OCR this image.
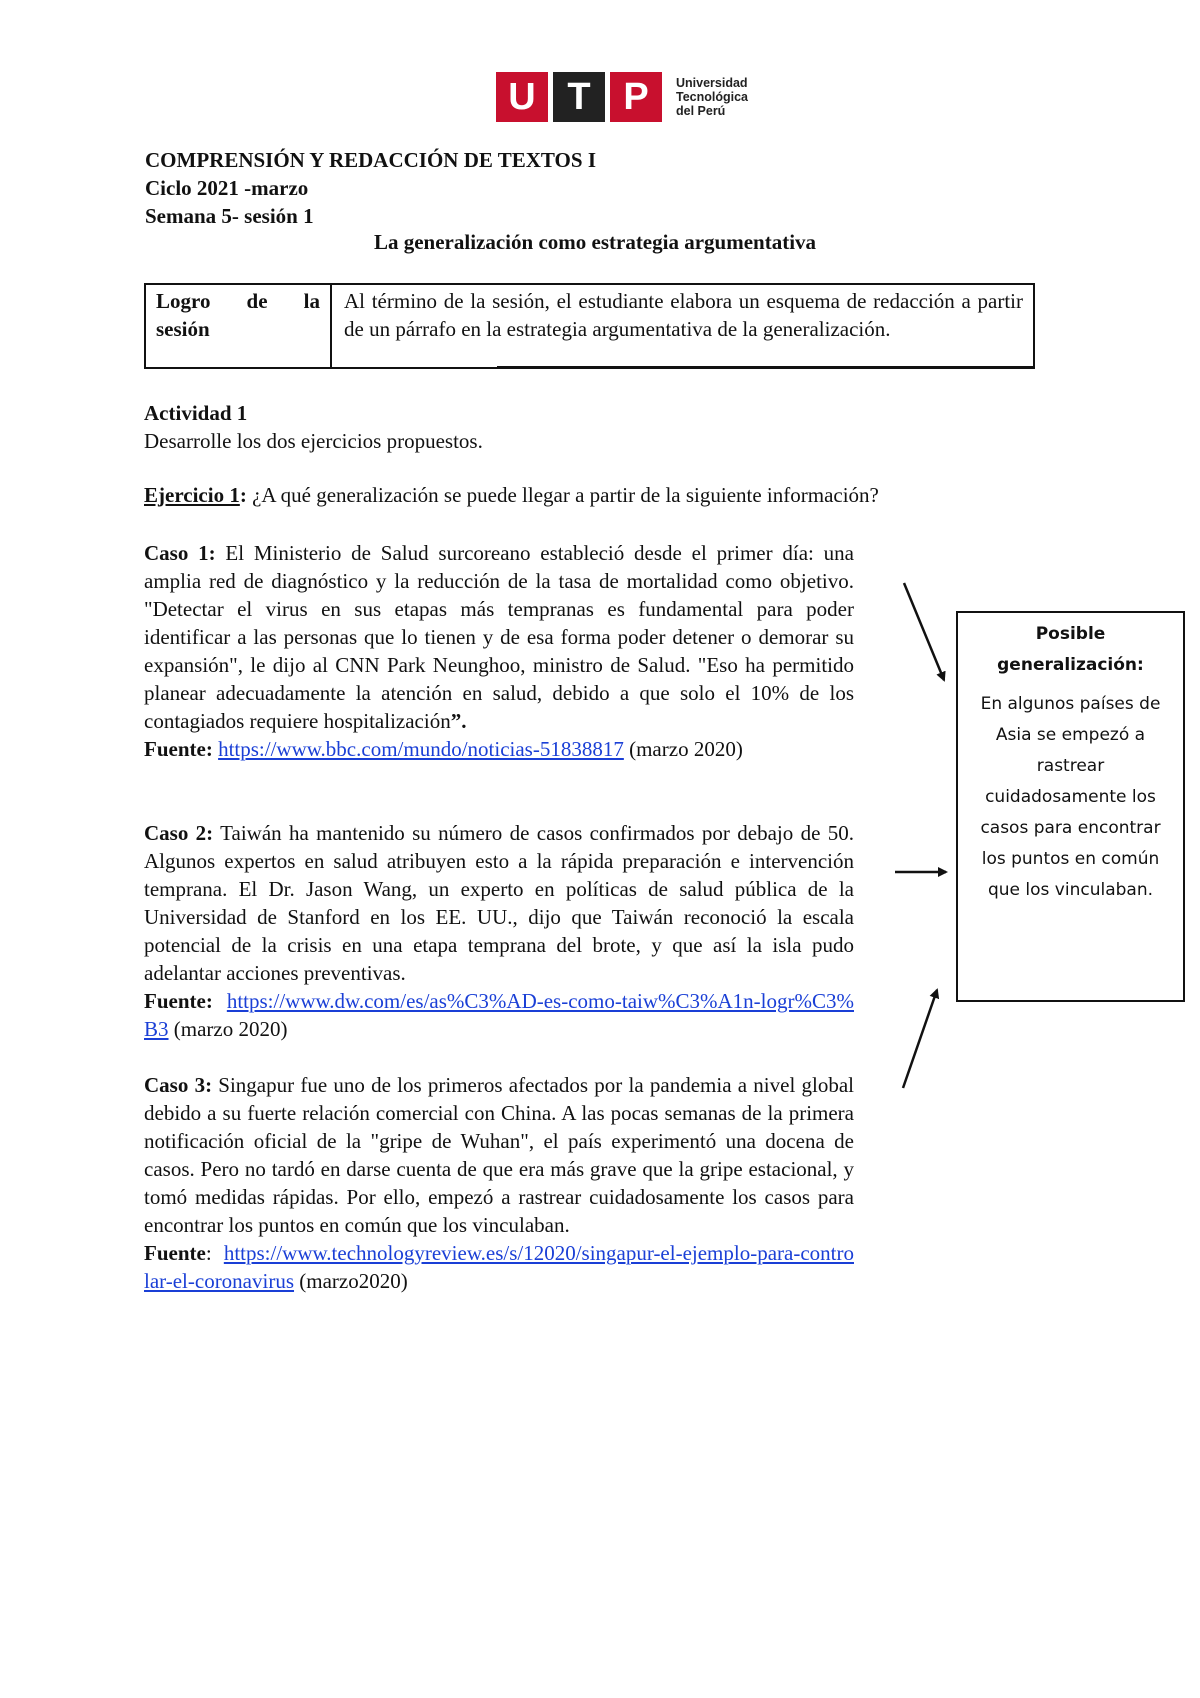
U T P	Universidad
Tecnológica
del Perú
COMPRENSIÓN Y REDACCIÓN DE TEXTOS I
Ciclo 2021 -marzo
Semana 5- sesión 1
La generalización como estrategia argumentativa
Logro de la
sesión
Al término de la sesión, el estudiante elabora un esquema de redacción a partir de un párrafo en la estrategia argumentativa de la generalización.
Actividad 1
Desarrolle los dos ejercicios propuestos.
Ejercicio 1: ¿A qué generalización se puede llegar a partir de la siguiente información?
Caso 1: El Ministerio de Salud surcoreano estableció desde el primer día: una amplia red de diagnóstico y la reducción de la tasa de mortalidad como objetivo. "Detectar el virus en sus etapas más tempranas es fundamental para poder identificar a las personas que lo tienen y de esa forma poder detener o demorar su expansión", le dijo al CNN Park Neunghoo, ministro de Salud. "Eso ha permitido planear adecuadamente la atención en salud, debido a que solo el 10% de los contagiados requiere hospitalización”.
Fuente: https://www.bbc.com/mundo/noticias-51838817 (marzo 2020)
Caso 2: Taiwán ha mantenido su número de casos confirmados por debajo de 50. Algunos expertos en salud atribuyen esto a la rápida preparación e intervención temprana. El Dr. Jason Wang, un experto en políticas de salud pública de la Universidad de Stanford en los EE. UU., dijo que Taiwán reconoció la escala potencial de la crisis en una etapa temprana del brote, y que así la isla pudo adelantar acciones preventivas.
Fuente: https://www.dw.com/es/as%C3%AD-es-como-taiw%C3%A1n-logr%C3%B3 (marzo 2020)
Caso 3: Singapur fue uno de los primeros afectados por la pandemia a nivel global debido a su fuerte relación comercial con China. A las pocas semanas de la primera notificación oficial de la "gripe de Wuhan", el país experimentó una docena de casos. Pero no tardó en darse cuenta de que era más grave que la gripe estacional, y tomó medidas rápidas. Por ello, empezó a rastrear cuidadosamente los casos para encontrar los puntos en común que los vinculaban.
Fuente:  https://www.technologyreview.es/s/12020/singapur-el-ejemplo-para-controlar-el-coronavirus (marzo2020)
Posible
generalización:
En algunos países de Asia se empezó a rastrear cuidadosamente los casos para encontrar los puntos en común que los vinculaban.
